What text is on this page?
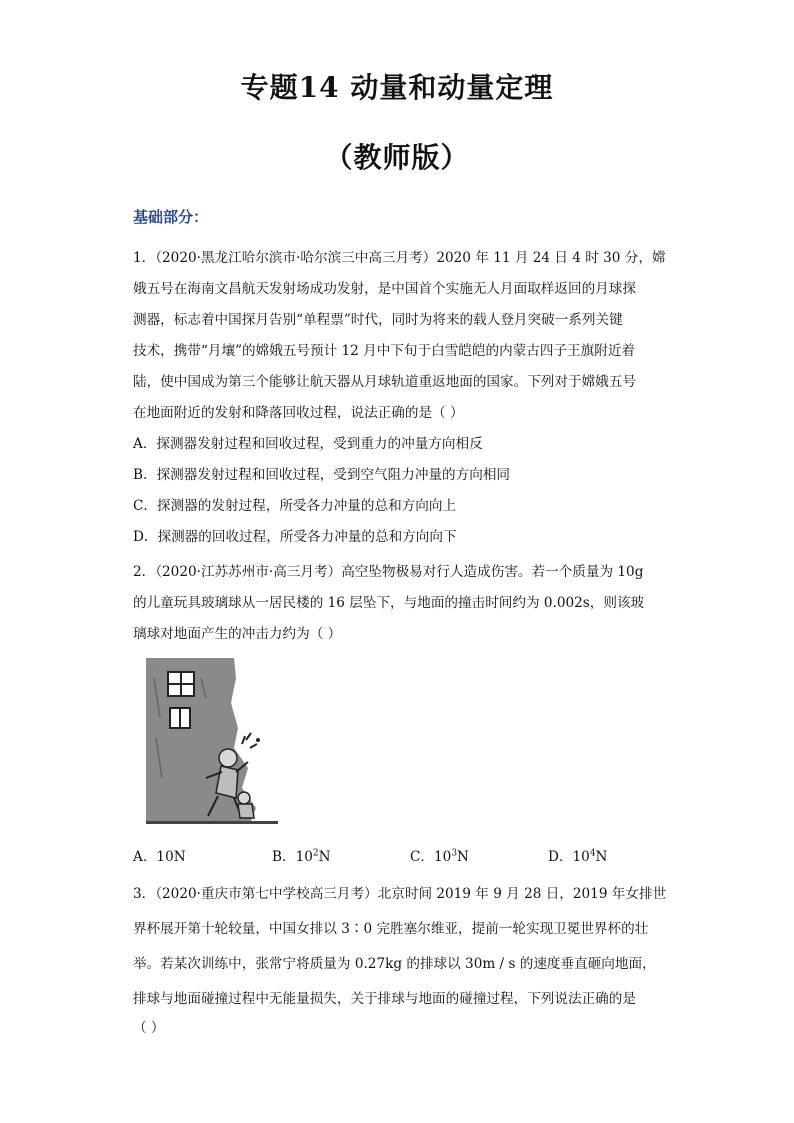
专题14 动量和动量定理
（教师版）
基础部分：
1．（2020·黑龙江哈尔滨市·哈尔滨三中高三月考）2020 年 11 月 24 日 4 时 30 分，嫦
娥五号在海南文昌航天发射场成功发射，是中国首个实施无人月面取样返回的月球探
测器，标志着中国探月告别“单程票”时代，同时为将来的载人登月突破一系列关键
技术，携带“月壤”的嫦娥五号预计 12 月中下旬于白雪皑皑的内蒙古四子王旗附近着
陆，使中国成为第三个能够让航天器从月球轨道重返地面的国家。下列对于嫦娥五号
在地面附近的发射和降落回收过程，说法正确的是（ ）
A．探测器发射过程和回收过程，受到重力的冲量方向相反
B．探测器发射过程和回收过程，受到空气阻力冲量的方向相同
C．探测器的发射过程，所受各力冲量的总和方向向上
D．探测器的回收过程，所受各力冲量的总和方向向下
2．（2020·江苏苏州市·高三月考）高空坠物极易对行人造成伤害。若一个质量为 10g
的儿童玩具玻璃球从一居民楼的 16 层坠下，与地面的撞击时间约为 0.002s，则该玻
璃球对地面产生的冲击力约为（ ）
A．10N	B．$10^2N$	C．$10^3N$	D．$10^4N$
3．（2020·重庆市第七中学校高三月考）北京时间 2019 年 9 月 28 日，2019 年女排世
界杯展开第十轮较量，中国女排以 3∶0 完胜塞尔维亚，提前一轮实现卫冕世界杯的壮
举。若某次训练中，张常宁将质量为 0.27kg 的排球以 30m / s 的速度垂直砸向地面，
排球与地面碰撞过程中无能量损失，关于排球与地面的碰撞过程，下列说法正确的是
（ ）
